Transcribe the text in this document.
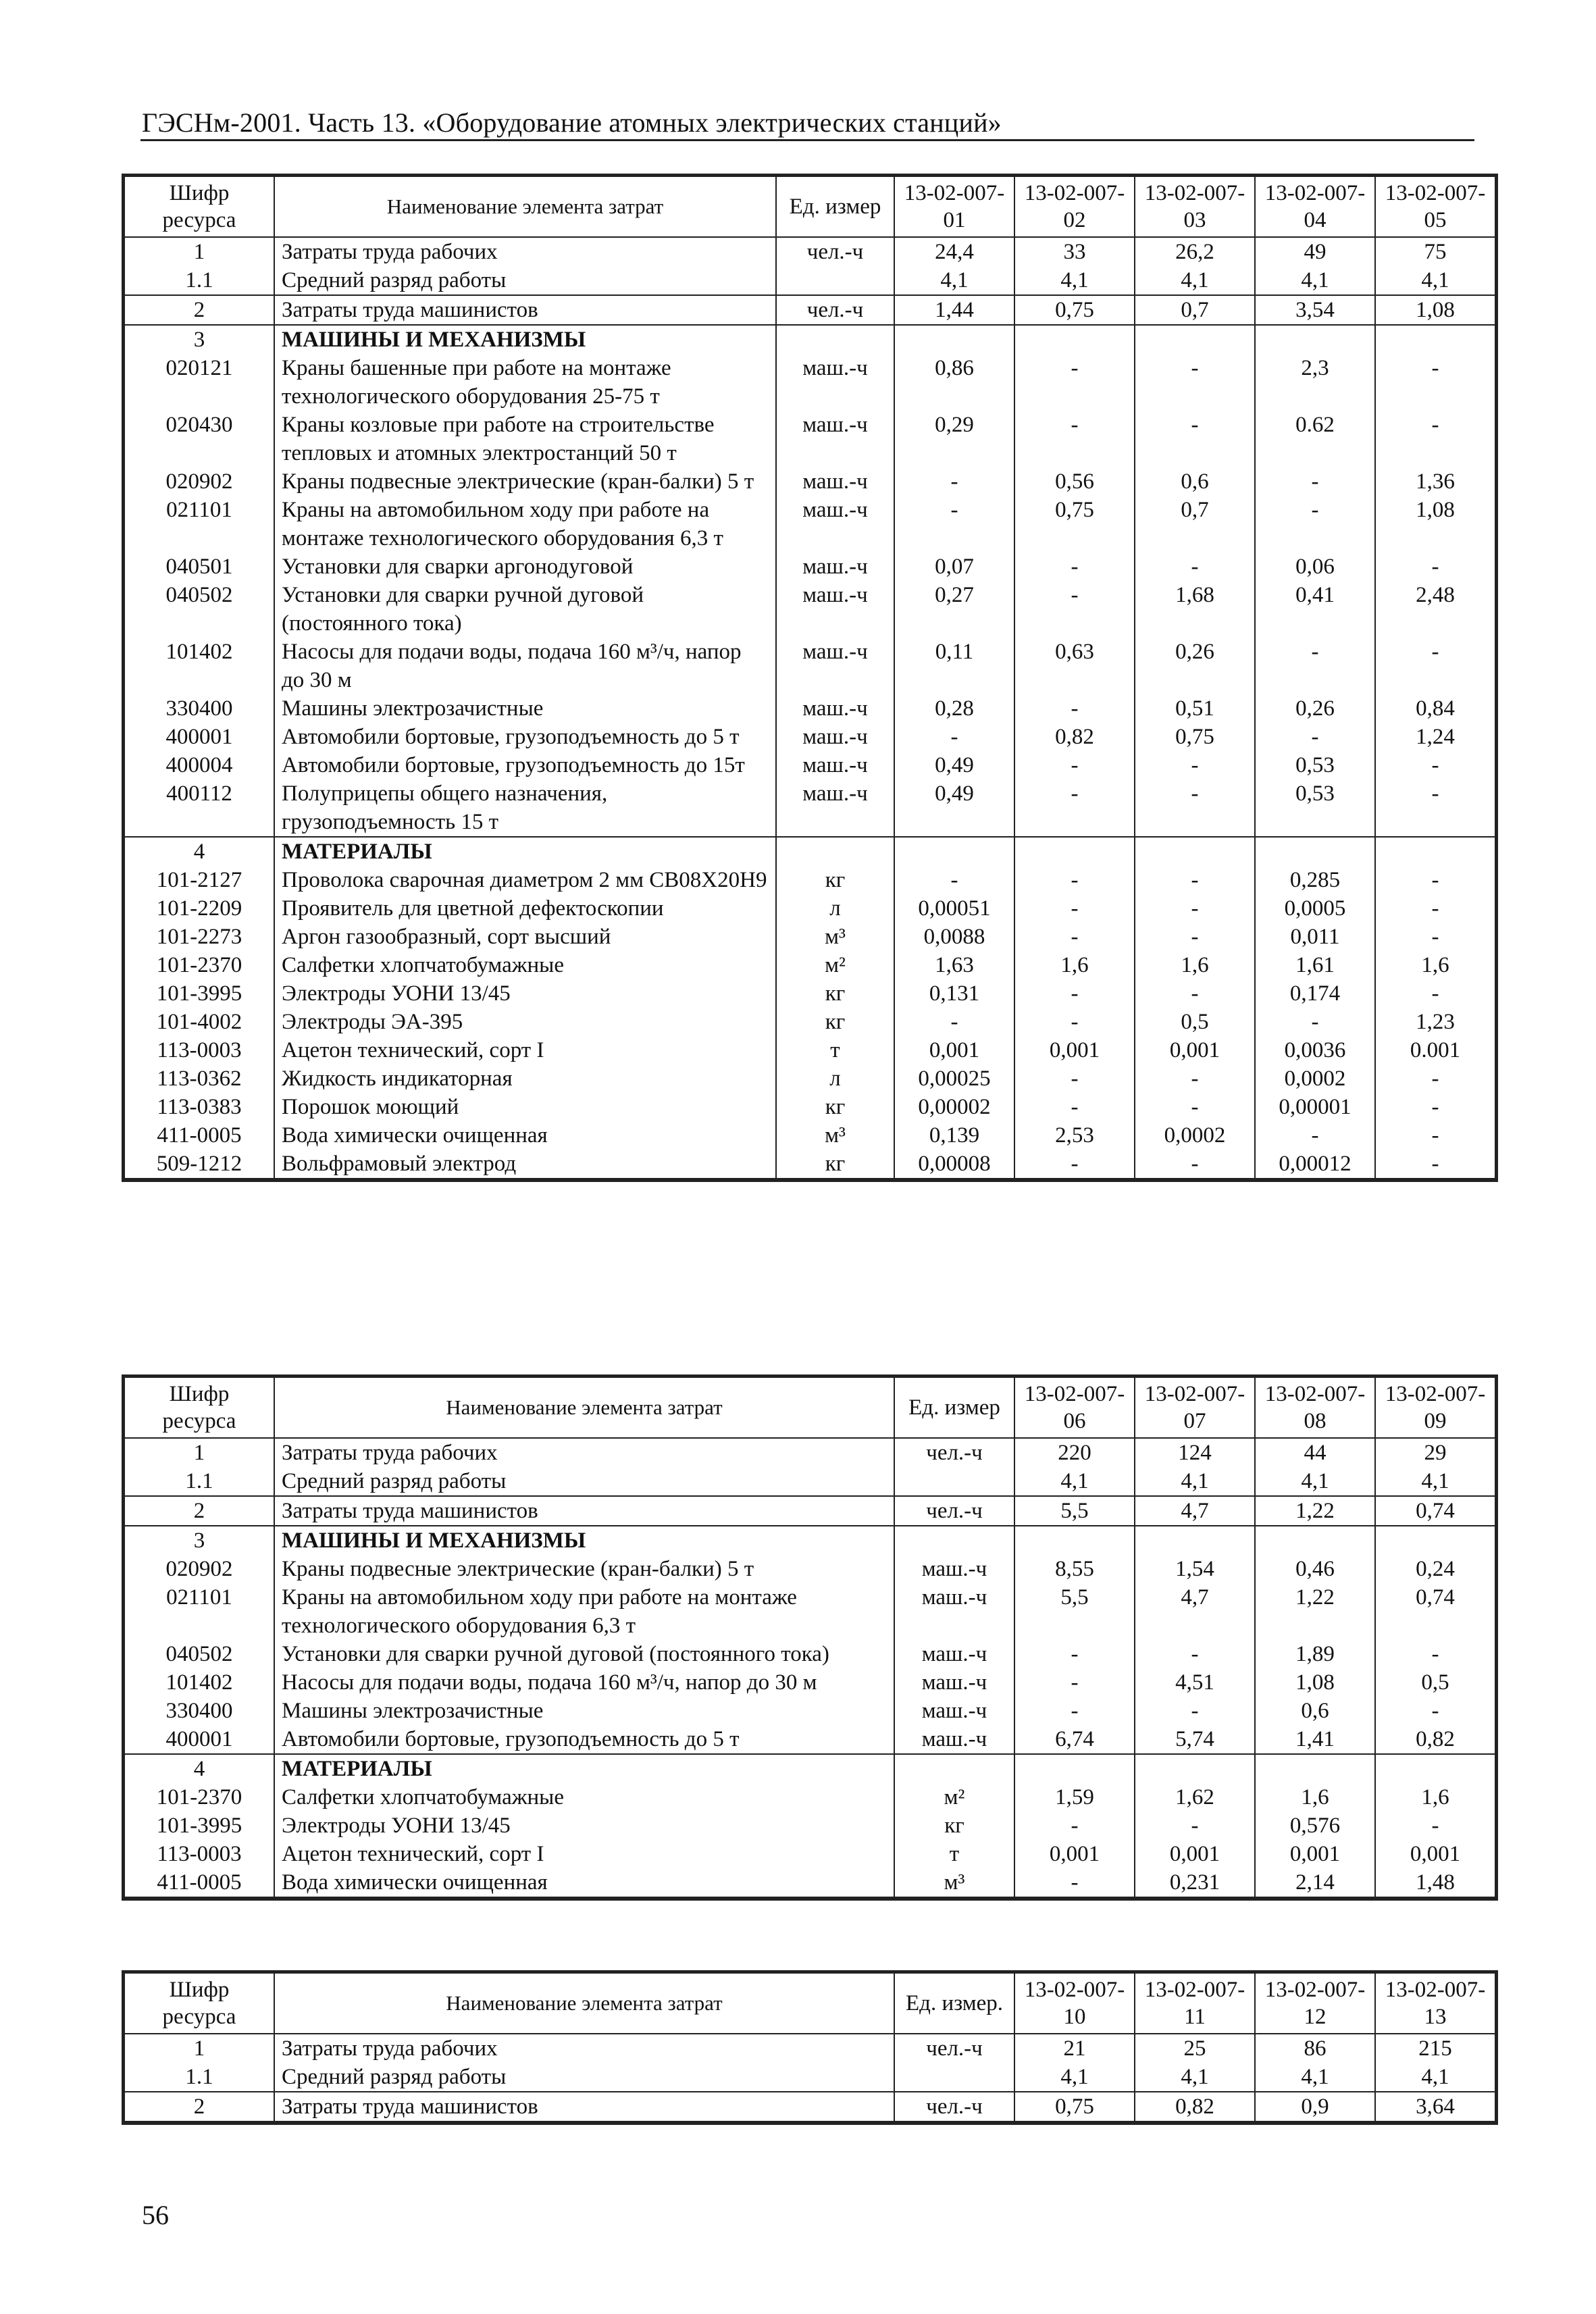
ГЭСНм-2001. Часть 13. «Оборудование атомных электрических станций»
Шифр ресурса	Наименование элемента затрат	Ед. измер	13-02-007-01	13-02-007-02	13-02-007-03	13-02-007-04	13-02-007-05
1	Затраты труда рабочих	чел.-ч	24,4	33	26,2	49	75
1.1	Средний разряд работы		4,1	4,1	4,1	4,1	4,1
2	Затраты труда машинистов	чел.-ч	1,44	0,75	0,7	3,54	1,08
3	МАШИНЫ И МЕХАНИЗМЫ						
020121	Краны башенные при работе на монтаже технологического оборудования 25-75 т	маш.-ч	0,86	-	-	2,3	-
020430	Краны козловые при работе на строительстве тепловых и атомных электростанций 50 т	маш.-ч	0,29	-	-	0.62	-
020902	Краны подвесные электрические (кран-балки) 5 т	маш.-ч	-	0,56	0,6	-	1,36
021101	Краны на автомобильном ходу при работе на монтаже технологического оборудования 6,3 т	маш.-ч	-	0,75	0,7	-	1,08
040501	Установки для сварки аргонодуговой	маш.-ч	0,07	-	-	0,06	-
040502	Установки для сварки ручной дуговой (постоянного тока)	маш.-ч	0,27	-	1,68	0,41	2,48
101402	Насосы для подачи воды, подача 160 м³/ч, напор до 30 м	маш.-ч	0,11	0,63	0,26	-	-
330400	Машины электрозачистные	маш.-ч	0,28	-	0,51	0,26	0,84
400001	Автомобили бортовые, грузоподъемность до 5 т	маш.-ч	-	0,82	0,75	-	1,24
400004	Автомобили бортовые, грузоподъемность до 15т	маш.-ч	0,49	-	-	0,53	-
400112	Полуприцепы общего назначения, грузоподъемность 15 т	маш.-ч	0,49	-	-	0,53	-
4	МАТЕРИАЛЫ						
101-2127	Проволока сварочная диаметром 2 мм СВ08Х20Н9	кг	-	-	-	0,285	-
101-2209	Проявитель для цветной дефектоскопии	л	0,00051	-	-	0,0005	-
101-2273	Аргон газообразный, сорт высший	м³	0,0088	-	-	0,011	-
101-2370	Салфетки хлопчатобумажные	м²	1,63	1,6	1,6	1,61	1,6
101-3995	Электроды УОНИ 13/45	кг	0,131	-	-	0,174	-
101-4002	Электроды ЭА-395	кг	-	-	0,5	-	1,23
113-0003	Ацетон технический, сорт I	т	0,001	0,001	0,001	0,0036	0.001
113-0362	Жидкость индикаторная	л	0,00025	-	-	0,0002	-
113-0383	Порошок моющий	кг	0,00002	-	-	0,00001	-
411-0005	Вода химически очищенная	м³	0,139	2,53	0,0002	-	-
509-1212	Вольфрамовый электрод	кг	0,00008	-	-	0,00012	-
Шифр ресурса	Наименование элемента затрат	Ед. измер	13-02-007-06	13-02-007-07	13-02-007-08	13-02-007-09
1	Затраты труда рабочих	чел.-ч	220	124	44	29
1.1	Средний разряд работы		4,1	4,1	4,1	4,1
2	Затраты труда машинистов	чел.-ч	5,5	4,7	1,22	0,74
3	МАШИНЫ И МЕХАНИЗМЫ					
020902	Краны подвесные электрические (кран-балки) 5 т	маш.-ч	8,55	1,54	0,46	0,24
021101	Краны на автомобильном ходу при работе на монтаже технологического оборудования 6,3 т	маш.-ч	5,5	4,7	1,22	0,74
040502	Установки для сварки ручной дуговой (постоянного тока)	маш.-ч	-	-	1,89	-
101402	Насосы для подачи воды, подача 160 м³/ч, напор до 30 м	маш.-ч	-	4,51	1,08	0,5
330400	Машины электрозачистные	маш.-ч	-	-	0,6	-
400001	Автомобили бортовые, грузоподъемность до 5 т	маш.-ч	6,74	5,74	1,41	0,82
4	МАТЕРИАЛЫ					
101-2370	Салфетки хлопчатобумажные	м²	1,59	1,62	1,6	1,6
101-3995	Электроды УОНИ 13/45	кг	-	-	0,576	-
113-0003	Ацетон технический, сорт I	т	0,001	0,001	0,001	0,001
411-0005	Вода химически очищенная	м³	-	0,231	2,14	1,48
Шифр ресурса	Наименование элемента затрат	Ед. измер.	13-02-007-10	13-02-007-11	13-02-007-12	13-02-007-13
1	Затраты труда рабочих	чел.-ч	21	25	86	215
1.1	Средний разряд работы		4,1	4,1	4,1	4,1
2	Затраты труда машинистов	чел.-ч	0,75	0,82	0,9	3,64
56
